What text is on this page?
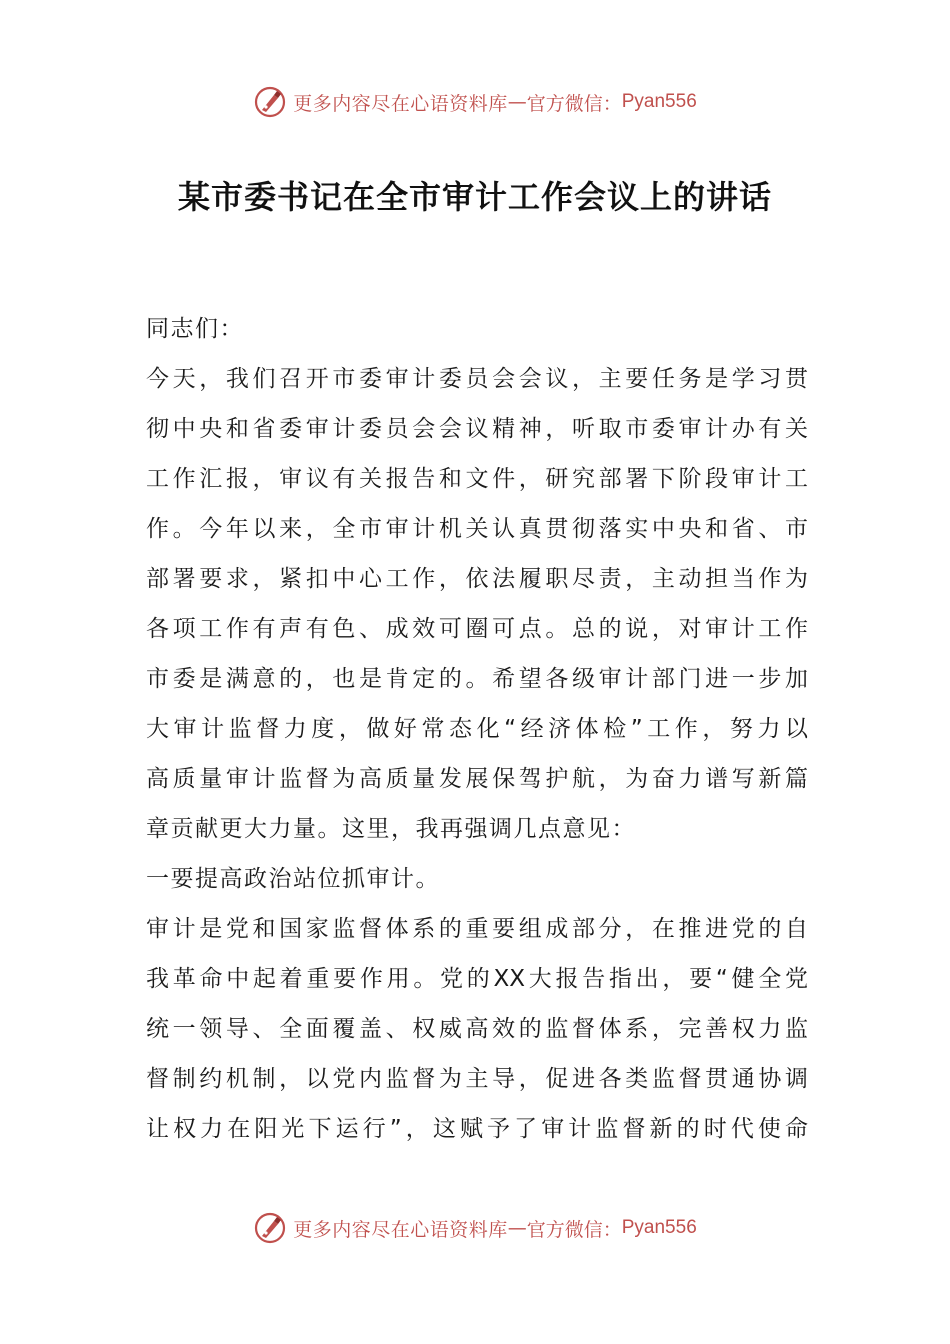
更多内容尽在心语资料库 — 官方微信： Pyan556
某市委书记在全市审计工作会议上的讲话
同志们：
今天，我们召开市委审计委员会会议，主要任务是学习贯
彻中央和省委审计委员会会议精神，听取市委审计办有关
工作汇报，审议有关报告和文件，研究部署下阶段审计工
作。今年以来，全市审计机关认真贯彻落实中央和省、市
部署要求，紧扣中心工作，依法履职尽责，主动担当作为
各项工作有声有色、成效可圈可点。总的说，对审计工作
市委是满意的，也是肯定的。希望各级审计部门进一步加
大审计监督力度，做好常态化“经济体检”工作，努力以
高质量审计监督为高质量发展保驾护航，为奋力谱写新篇
章贡献更大力量。这里，我再强调几点意见：
一要提高政治站位抓审计。
审计是党和国家监督体系的重要组成部分，在推进党的自
我革命中起着重要作用。党的XX大报告指出，要“健全党
统一领导、全面覆盖、权威高效的监督体系，完善权力监
督制约机制，以党内监督为主导，促进各类监督贯通协调
让权力在阳光下运行”，这赋予了审计监督新的时代使命
更多内容尽在心语资料库 — 官方微信： Pyan556
